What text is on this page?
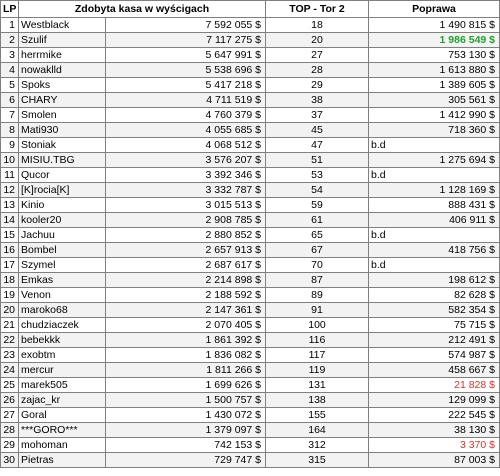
LP	Zdobyta kasa w wyścigach		TOP - Tor 2	Poprawa
1	Westblack	7 592 055 $	18	1 490 815 $
2	Szulif	7 117 275 $	20	1 986 549 $
3	herrmike	5 647 991 $	27	753 130 $
4	nowaklld	5 538 696 $	28	1 613 880 $
5	Spoks	5 417 218 $	29	1 389 605 $
6	CHARY	4 711 519 $	38	305 561 $
7	Smolen	4 760 379 $	37	1 412 990 $
8	Mati930	4 055 685 $	45	718 360 $
9	Stoniak	4 068 512 $	47	b.d
10	MISIU.TBG	3 576 207 $	51	1 275 694 $
11	Qucor	3 392 346 $	53	b.d
12	[K]rocia[K]	3 332 787 $	54	1 128 169 $
13	Kinio	3 015 513 $	59	888 431 $
14	kooler20	2 908 785 $	61	406 911 $
15	Jachuu	2 880 852 $	65	b.d
16	Bombel	2 657 913 $	67	418 756 $
17	Szymel	2 687 617 $	70	b.d
18	Emkas	2 214 898 $	87	198 612 $
19	Venon	2 188 592 $	89	82 628 $
20	maroko68	2 147 361 $	91	582 354 $
21	chudziaczek	2 070 405 $	100	75 715 $
22	bebekkk	1 861 392 $	116	212 491 $
23	exobtm	1 836 082 $	117	574 987 $
24	mercur	1 811 266 $	119	458 667 $
25	marek505	1 699 626 $	131	21 828 $
26	zajac_kr	1 500 757 $	138	129 099 $
27	Goral	1 430 072 $	155	222 545 $
28	***GORO***	1 379 097 $	164	38 130 $
29	mohoman	742 153 $	312	3 370 $
30	Pietras	729 747 $	315	87 003 $
